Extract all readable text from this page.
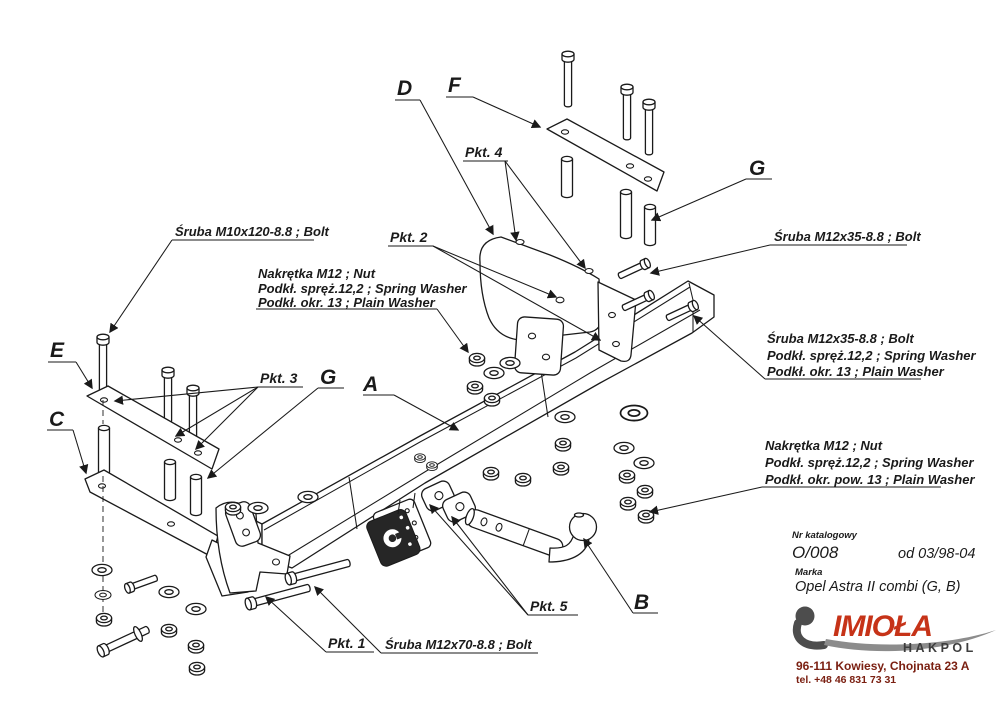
A
B
C
D
E
F
G
G
Pkt. 1
Pkt. 2
Pkt. 3
Pkt. 4
Pkt. 5
Śruba M10x120-8.8 ; Bolt
Nakrętka M12 ; Nut
Podkł. spręż.12,2 ; Spring Washer
Podkł. okr. 13 ; Plain Washer
Śruba M12x35-8.8 ; Bolt
Śruba M12x35-8.8 ; Bolt
Podkł. spręż.12,2 ; Spring Washer
Podkł. okr. 13 ; Plain Washer
Nakrętka M12 ; Nut
Podkł. spręż.12,2 ; Spring Washer
Podkł. okr. pow. 13 ; Plain Washer
Śruba M12x70-8.8 ; Bolt
Nr katalogowy
O/008	od 03/98-04
Marka
Opel Astra II combi (G, B)
IMIOŁA
HAKPOL
96-111 Kowiesy, Chojnata 23 A
tel. +48 46 831 73 31
